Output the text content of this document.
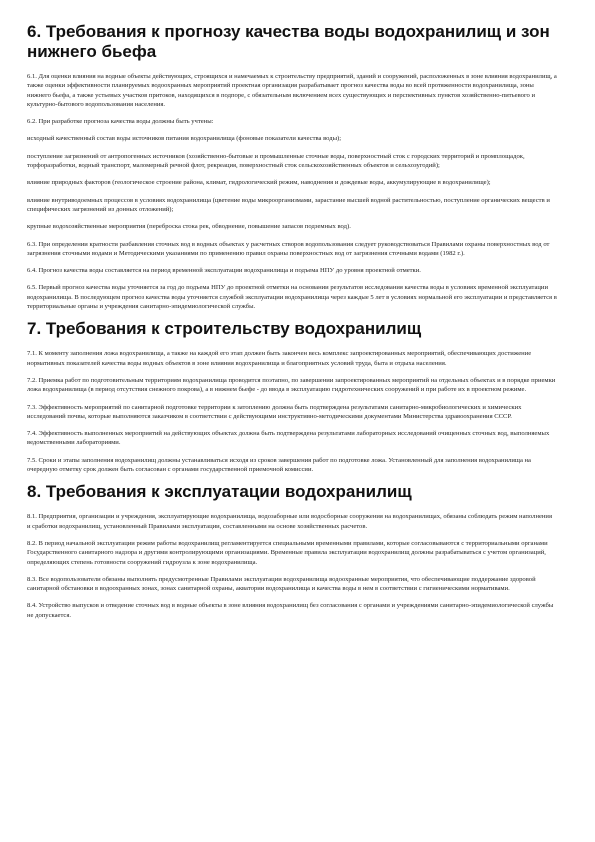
6. Требования к прогнозу качества воды водохранилищ и зон нижнего бьефа

6.1. Для оценки влияния на водные объекты действующих, строящихся и намечаемых к строительству предприятий, зданий и сооружений, расположенных в зоне влияния водохранилищ, а также оценки эффективности планируемых водоохранных мероприятий проектная организация разрабатывает прогноз качества воды во всей протяженности водохранилища, зоны нижнего бьефа, а также устьевых участков притоков, находящихся в подпоре, с обязательным включением всех существующих и перспективных пунктов хозяйственно-питьевого и культурно-бытового водопользования населения.

6.2. При разработке прогноза качества воды должны быть учтены:

исходный качественный состав воды источников питания водохранилища (фоновые показатели качества воды);

поступление загрязнений от антропогенных источников (хозяйственно-бытовые и промышленные сточные воды, поверхностный сток с городских территорий и промплощадок, торфоразработки, водный транспорт, маломерный речной флот, рекреация, поверхностный сток сельскохозяйственных объектов и сельхозугодий);

влияние природных факторов (геологическое строение района, климат, гидрологический режим, наводнения и дождевые воды, аккумулирующие в водохранилище);

влияние внутриводоемных процессов в условиях водохранилища (цветение воды микроорганизмами, зарастание высшей водной растительностью, поступление органических веществ и специфических загрязнений из донных отложений);

крупные водохозяйственные мероприятия (переброска стока рек, обводнение, повышение запасов подземных вод).

6.3. При определении кратности разбавления сточных вод в водных объектах у расчетных створов водопользования следует руководствоваться Правилами охраны поверхностных вод от загрязнения сточными водами и Методическими указаниями по применению правил охраны поверхностных вод от загрязнения сточными водами (1982 г.).

6.4. Прогноз качества воды составляется на период временной эксплуатации водохранилища и подъема НПУ до уровня проектной отметки.

6.5. Первый прогноз качества воды уточняется за год до подъема НПУ до проектной отметки на основании результатов исследования качества воды в условиях временной эксплуатации водохранилища. В последующем прогноз качества воды уточняется службой эксплуатации водохранилища через каждые 5 лет в условиях нормальной его эксплуатации и представляется в территориальные органы и учреждения санитарно-эпидемиологической службы.

7. Требования к строительству водохранилищ

7.1. К моменту заполнения ложа водохранилища, а также на каждой его этап должен быть закончен весь комплекс запроектированных мероприятий, обеспечивающих достижение нормативных показателей качества воды водных объектов в зоне влияния водохранилища и благоприятных условий труда, быта и отдыха населения.

7.2. Приемка работ по подготовительным территориям водохранилища проводится поэтапно, по завершении запроектированных мероприятий на отдельных объектах и в порядке приемки ложа водохранилища (в период отсутствия снежного покрова), а в нижнем бьефе - до ввода в эксплуатацию гидротехнических сооружений и при работе их в проектном режиме.

7.3. Эффективность мероприятий по санитарной подготовке территории к затоплению должна быть подтверждена результатами санитарно-микробиологических и химических исследований почвы, которые выполняются заказчиком в соответствии с действующими инструктивно-методическими документами Министерства здравоохранения СССР.

7.4. Эффективность выполненных мероприятий на действующих объектах должна быть подтверждена результатами лабораторных исследований очищенных сточных вод, выполняемых ведомственными лабораториями.

7.5. Сроки и этапы заполнения водохранилищ должны устанавливаться исходя из сроков завершения работ по подготовке ложа. Установленный для заполнения водохранилища на очередную отметку срок должен быть согласован с органами государственной приемочной комиссии.

8. Требования к эксплуатации водохранилищ

8.1. Предприятия, организации и учреждения, эксплуатирующие водохранилища, водозаборные или водосборные сооружения на водохранилищах, обязаны соблюдать режим наполнения и сработки водохранилищ, установленный Правилами эксплуатации, составленными на основе хозяйственных расчетов.

8.2. В период начальной эксплуатации режим работы водохранилищ регламентируется специальными временными правилами, которые согласовываются с территориальными органами Государственного санитарного надзора и другими контролирующими организациями. Временные правила эксплуатации водохранилищ должны разрабатываться с учетом организаций, определяющих степень готовности сооружений гидроузла к зоне водохранилища.

8.3. Все водопользователи обязаны выполнять предусмотренные Правилами эксплуатации водохранилища водоохранные мероприятия, что обеспечивающие поддержание здоровой санитарной обстановки в водоохранных зонах, зонах санитарной охраны, акватории водохранилища и качества воды в нем в соответствии с гигиеническими нормативами.

8.4. Устройство выпусков и отведение сточных вод в водные объекты в зоне влияния водохранилищ без согласования с органами и учреждениями санитарно-эпидемиологической службы не допускается.
